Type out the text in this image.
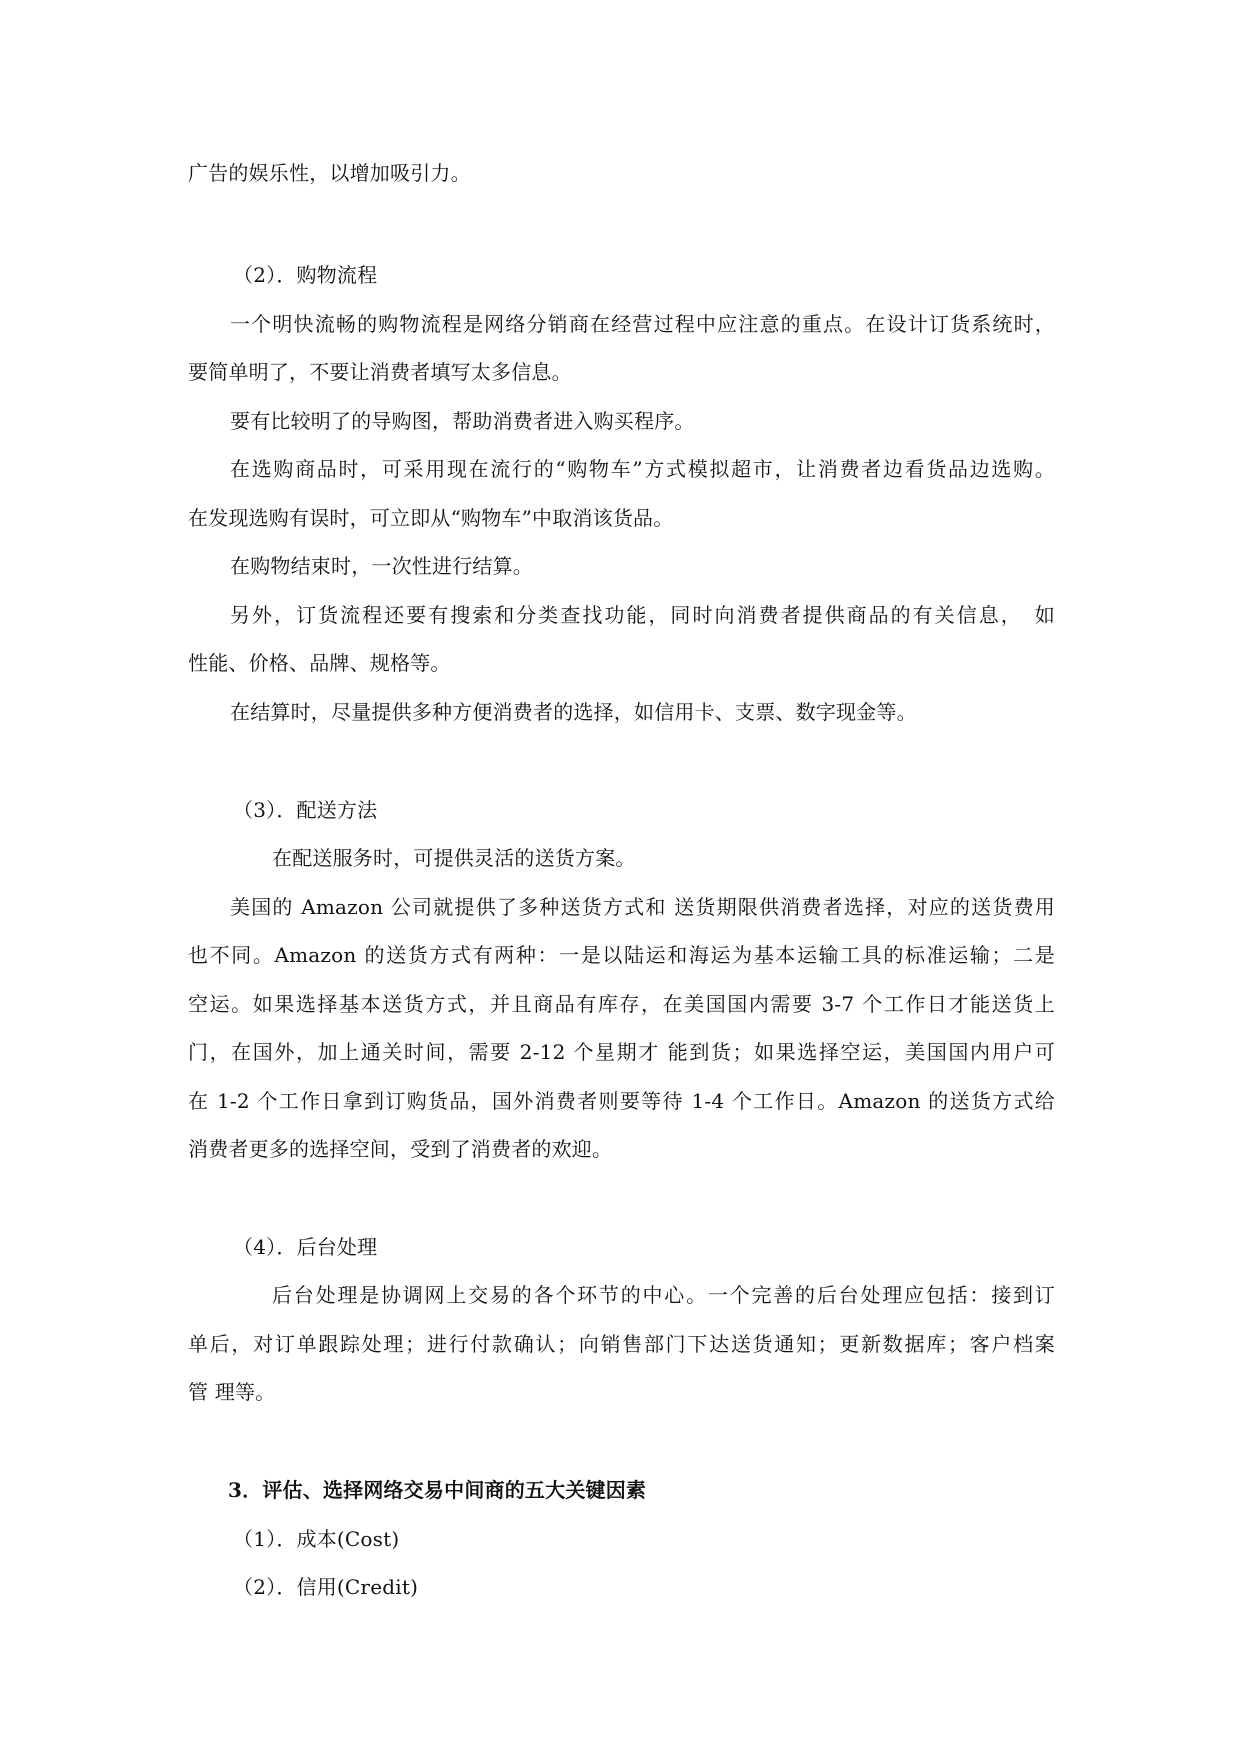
广告的娱乐性，以增加吸引力。
（2）．购物流程
一个明快流畅的购物流程是网络分销商在经营过程中应注意的重点。在设计订货系统时，
要简单明了，不要让消费者填写太多信息。
要有比较明了的导购图，帮助消费者进入购买程序。
在选购商品时，可采用现在流行的“购物车”方式模拟超市，让消费者边看货品边选购。
在发现选购有误时，可立即从“购物车”中取消该货品。
在购物结束时，一次性进行结算。
另外，订货流程还要有搜索和分类查找功能，同时向消费者提供商品的有关信息，　如
性能、价格、品牌、规格等。
在结算时，尽量提供多种方便消费者的选择，如信用卡、支票、数字现金等。
（3）．配送方法
在配送服务时，可提供灵活的送货方案。
美国的 Amazon 公司就提供了多种送货方式和 送货期限供消费者选择，对应的送货费用
也不同。Amazon 的送货方式有两种：一是以陆运和海运为基本运输工具的标准运输；二是
空运。如果选择基本送货方式，并且商品有库存，在美国国内需要 3-7 个工作日才能送货上
门，在国外，加上通关时间，需要 2-12 个星期才 能到货；如果选择空运，美国国内用户可
在 1-2 个工作日拿到订购货品，国外消费者则要等待 1-4 个工作日。Amazon 的送货方式给
消费者更多的选择空间，受到了消费者的欢迎。
（4）．后台处理
后台处理是协调网上交易的各个环节的中心。一个完善的后台处理应包括：接到订
单后，对订单跟踪处理；进行付款确认；向销售部门下达送货通知；更新数据库；客户档案
管 理等。
3．评估、选择网络交易中间商的五大关键因素
（1）．成本(Cost)
（2）．信用(Credit)
